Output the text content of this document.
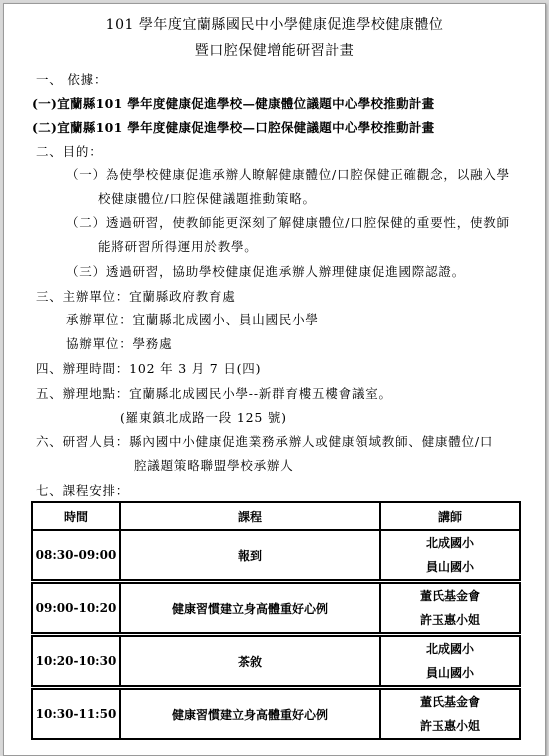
101 學年度宜蘭縣國民中小學健康促進學校健康體位
暨口腔保健增能研習計畫
一、 依據：
(一)宜蘭縣101 學年度健康促進學校—健康體位議題中心學校推動計畫
(二)宜蘭縣101 學年度健康促進學校—口腔保健議題中心學校推動計畫
二、目的：
（一）為使學校健康促進承辦人瞭解健康體位/口腔保健正確觀念，以融入學
校健康體位/口腔保健議題推動策略。
（二）透過研習，使教師能更深刻了解健康體位/口腔保健的重要性，使教師
能將研習所得運用於教學。
（三）透過研習，協助學校健康促進承辦人辦理健康促進國際認證。
三、主辦單位：宜蘭縣政府教育處
承辦單位：宜蘭縣北成國小、員山國民小學
協辦單位：學務處
四、辦理時間：102 年 3 月 7 日(四)
五、辦理地點：宜蘭縣北成國民小學--新群育樓五樓會議室。
(羅東鎮北成路一段 125 號)
六、研習人員：縣內國中小健康促進業務承辦人或健康領域教師、健康體位/口
腔議題策略聯盟學校承辦人
七、課程安排：
時間	課程	講師
08:30-09:00	報到	北成國小
員山國小

09:00-10:20	健康習慣建立身高體重好心例	董氏基金會
許玉惠小姐

10:20-10:30	茶敘	北成國小
員山國小

10:30-11:50	健康習慣建立身高體重好心例	董氏基金會
許玉惠小姐
